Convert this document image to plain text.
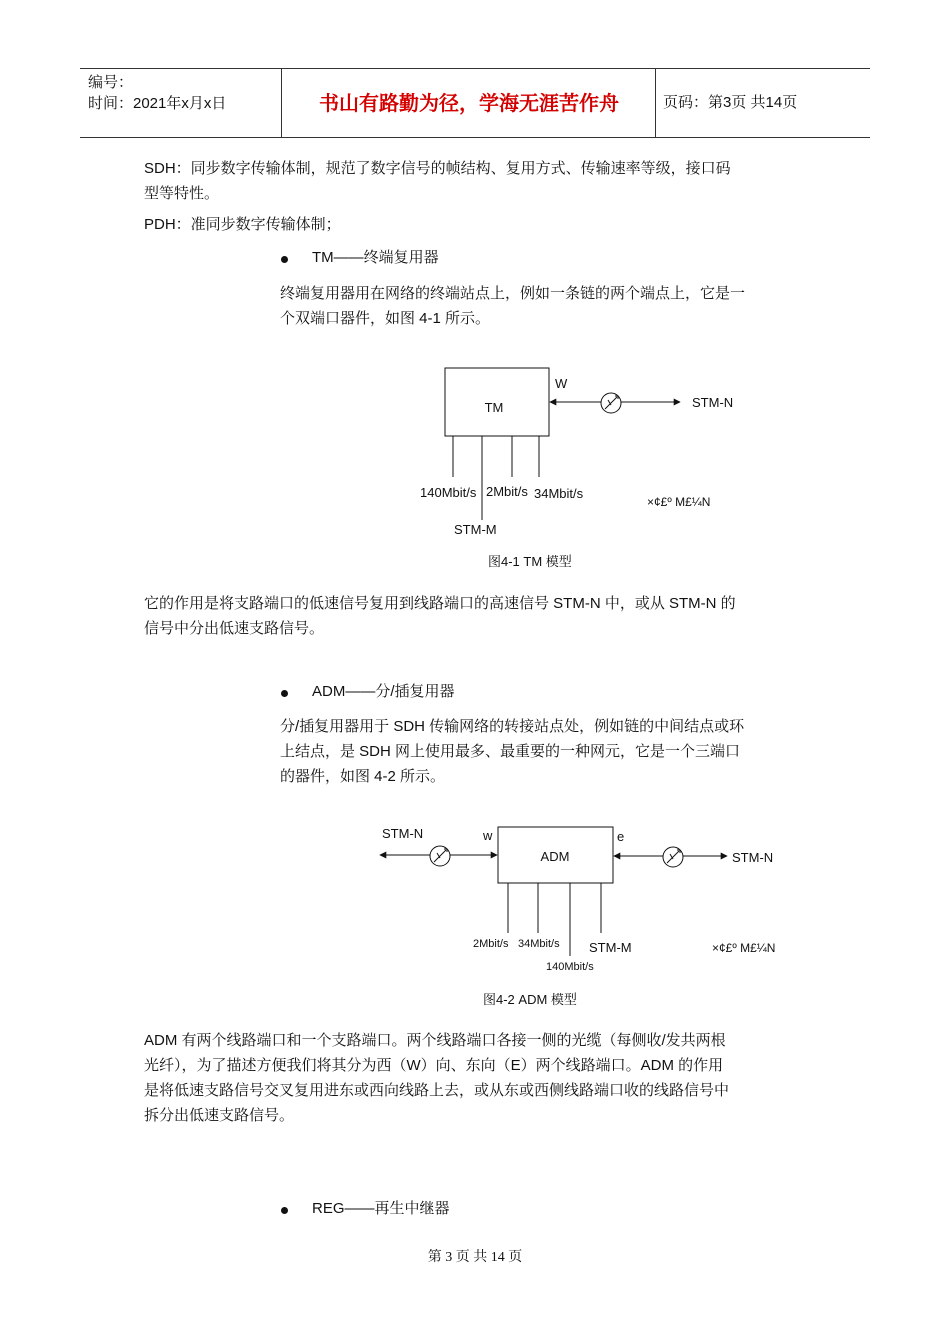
编号：
时间：2021年x月x日	书山有路勤为径，学海无涯苦作舟	页码：第3页 共14页
SDH：同步数字传输体制，规范了数字信号的帧结构、复用方式、传输速率等级，接口码
型等特性。
PDH：准同步数字传输体制；
TM——终端复用器
终端复用器用在网络的终端站点上，例如一条链的两个端点上，它是一
个双端口器件，如图 4-1 所示。
TM
W
STM-N
140Mbit/s 2Mbit/s 34Mbit/s
STM-M
×¢£º M£¼N
图4-1 TM 模型
它的作用是将支路端口的低速信号复用到线路端口的高速信号 STM-N 中，或从 STM-N 的
信号中分出低速支路信号。
ADM——分/插复用器
分/插复用器用于 SDH 传输网络的转接站点处，例如链的中间结点或环
上结点，是 SDH 网上使用最多、最重要的一种网元，它是一个三端口
的器件，如图 4-2 所示。
STM-N	w
ADM
e
STM-N
2Mbit/s 34Mbit/s
140Mbit/s
STM-M	×¢£º M£¼N
图4-2 ADM 模型
ADM 有两个线路端口和一个支路端口。两个线路端口各接一侧的光缆（每侧收/发共两根
光纤），为了描述方便我们将其分为西（W）向、东向（E）两个线路端口。ADM 的作用
是将低速支路信号交叉复用进东或西向线路上去，或从东或西侧线路端口收的线路信号中
拆分出低速支路信号。
REG——再生中继器
第 3 页 共 14 页
